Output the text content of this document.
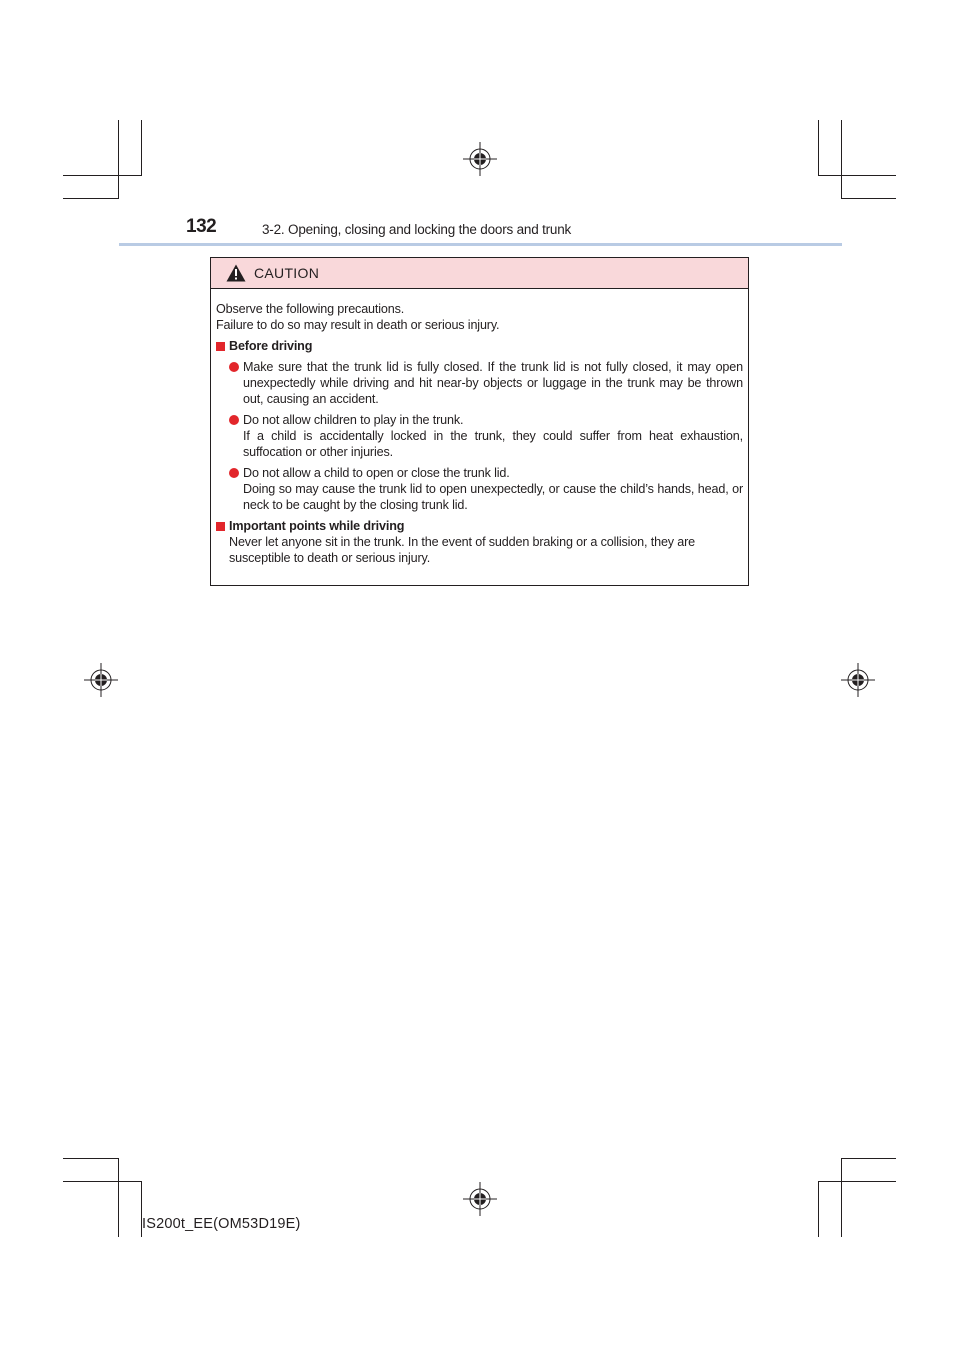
132	3-2. Opening, closing and locking the doors and trunk
CAUTION

Observe the following precautions.

Failure to do so may result in death or serious injury.

Before driving
Make sure that the trunk lid is fully closed. If the trunk lid is not fully closed, it may open unexpectedly while driving and hit near-by objects or luggage in the trunk may be thrown out, causing an accident.
Do not allow children to play in the trunk.
If a child is accidentally locked in the trunk, they could suffer from heat exhaustion, suffocation or other injuries.
Do not allow a child to open or close the trunk lid.
Doing so may cause the trunk lid to open unexpectedly, or cause the child’s hands, head, or neck to be caught by the closing trunk lid.
Important points while driving

Never let anyone sit in the trunk. In the event of sudden braking or a collision, they are susceptible to death or serious injury.

IS200t_EE(OM53D19E)
